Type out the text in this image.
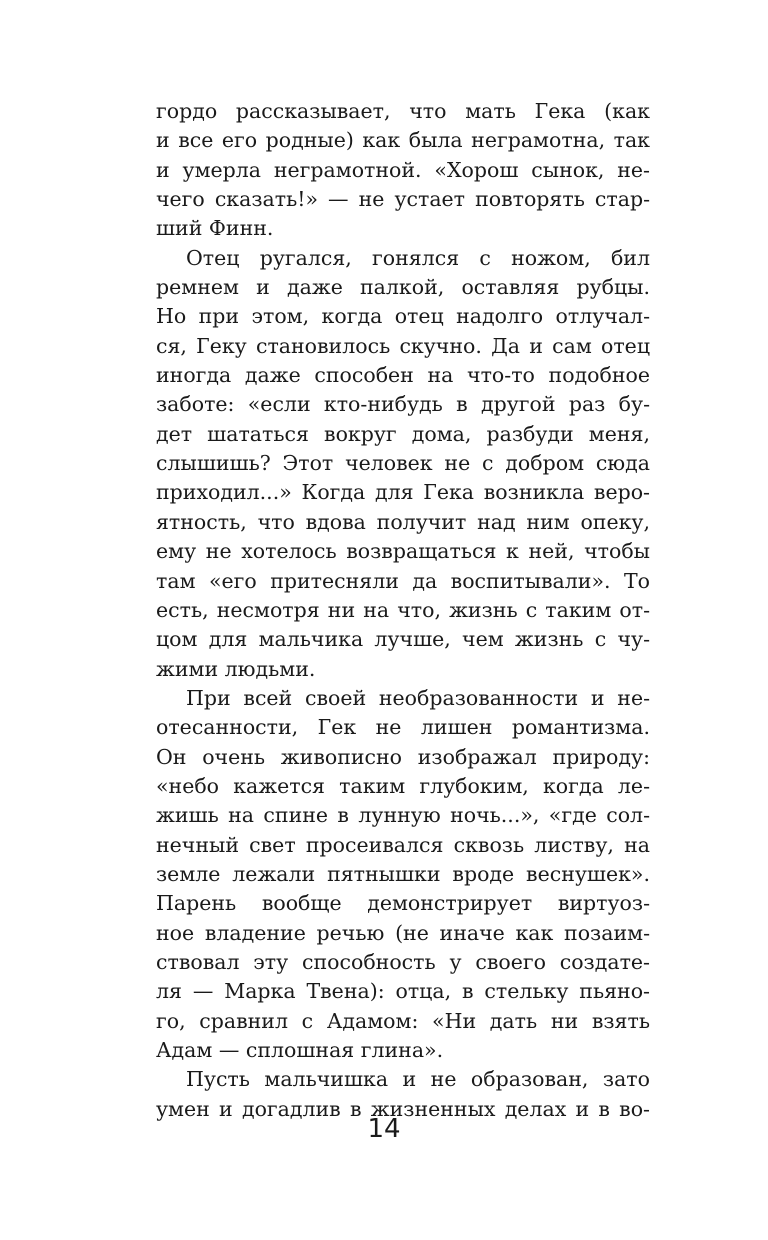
гордо рассказывает, что мать Гека (как
и все его родные) как была неграмотна, так
и умерла неграмотной. «Хорош сынок, не-
чего сказать!» — не устает повторять стар-
ший Финн.
Отец ругался, гонялся с ножом, бил
ремнем и даже палкой, оставляя рубцы.
Но при этом, когда отец надолго отлучал-
ся, Геку становилось скучно. Да и сам отец
иногда даже способен на что-то подобное
заботе: «если кто-нибудь в другой раз бу-
дет шататься вокруг дома, разбуди меня,
слышишь? Этот человек не с добром сюда
приходил...» Когда для Гека возникла веро-
ятность, что вдова получит над ним опеку,
ему не хотелось возвращаться к ней, чтобы
там «его притесняли да воспитывали». То
есть, несмотря ни на что, жизнь с таким от-
цом для мальчика лучше, чем жизнь с чу-
жими людьми.
При всей своей необразованности и не-
отесанности, Гек не лишен романтизма.
Он очень живописно изображал природу:
«небо кажется таким глубоким, когда ле-
жишь на спине в лунную ночь...», «где сол-
нечный свет просеивался сквозь листву, на
земле лежали пятнышки вроде веснушек».
Парень вообще демонстрирует виртуоз-
ное владение речью (не иначе как позаим-
ствовал эту способность у своего создате-
ля — Марка Твена): отца, в стельку пьяно-
го, сравнил с Адамом: «Ни дать ни взять
Адам — сплошная глина».
Пусть мальчишка и не образован, зато
умен и догадлив в жизненных делах и в во-
14
